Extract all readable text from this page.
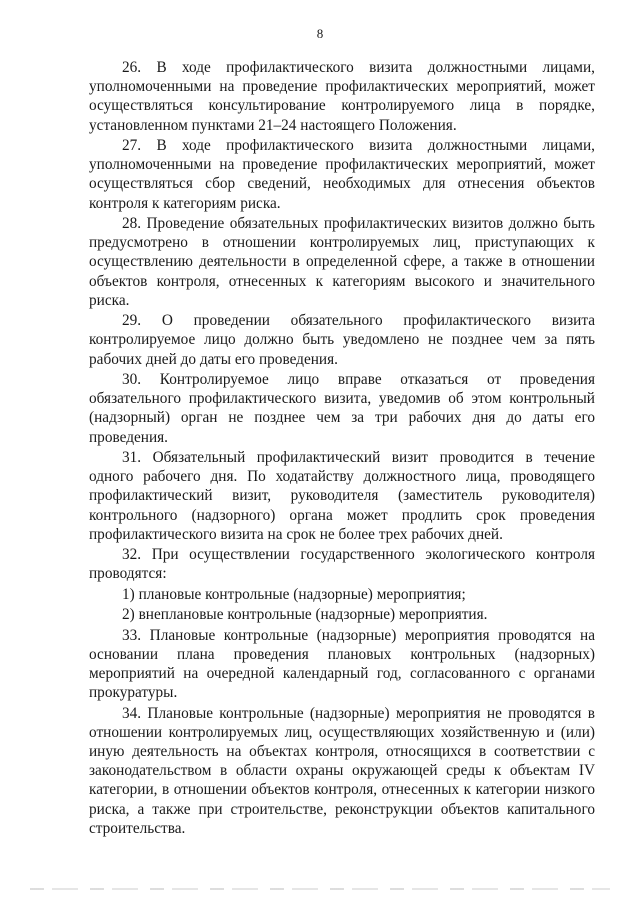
8

26. В ходе профилактического визита должностными лицами, уполномоченными на проведение профилактических мероприятий, может осуществляться консультирование контролируемого лица в порядке, установленном пунктами 21–24 настоящего Положения.

27. В ходе профилактического визита должностными лицами, уполномоченными на проведение профилактических мероприятий, может осуществляться сбор сведений, необходимых для отнесения объектов контроля к категориям риска.

28. Проведение обязательных профилактических визитов должно быть предусмотрено в отношении контролируемых лиц, приступающих к осуществлению деятельности в определенной сфере, а также в отношении объектов контроля, отнесенных к категориям высокого и значительного риска.

29. О проведении обязательного профилактического визита контролируемое лицо должно быть уведомлено не позднее чем за пять рабочих дней до даты его проведения.

30. Контролируемое лицо вправе отказаться от проведения обязательного профилактического визита, уведомив об этом контрольный (надзорный) орган не позднее чем за три рабочих дня до даты его проведения.

31. Обязательный профилактический визит проводится в течение одного рабочего дня. По ходатайству должностного лица, проводящего профилактический визит, руководителя (заместитель руководителя) контрольного (надзорного) органа может продлить срок проведения профилактического визита на срок не более трех рабочих дней.

32. При осуществлении государственного экологического контроля проводятся:

1) плановые контрольные (надзорные) мероприятия;

2) внеплановые контрольные (надзорные) мероприятия.

33. Плановые контрольные (надзорные) мероприятия проводятся на основании плана проведения плановых контрольных (надзорных) мероприятий на очередной календарный год, согласованного с органами прокуратуры.

34. Плановые контрольные (надзорные) мероприятия не проводятся в отношении контролируемых лиц, осуществляющих хозяйственную и (или) иную деятельность на объектах контроля, относящихся в соответствии с законодательством в области охраны окружающей среды к объектам IV категории, в отношении объектов контроля, отнесенных к категории низкого риска, а также при строительстве, реконструкции объектов капитального строительства.
